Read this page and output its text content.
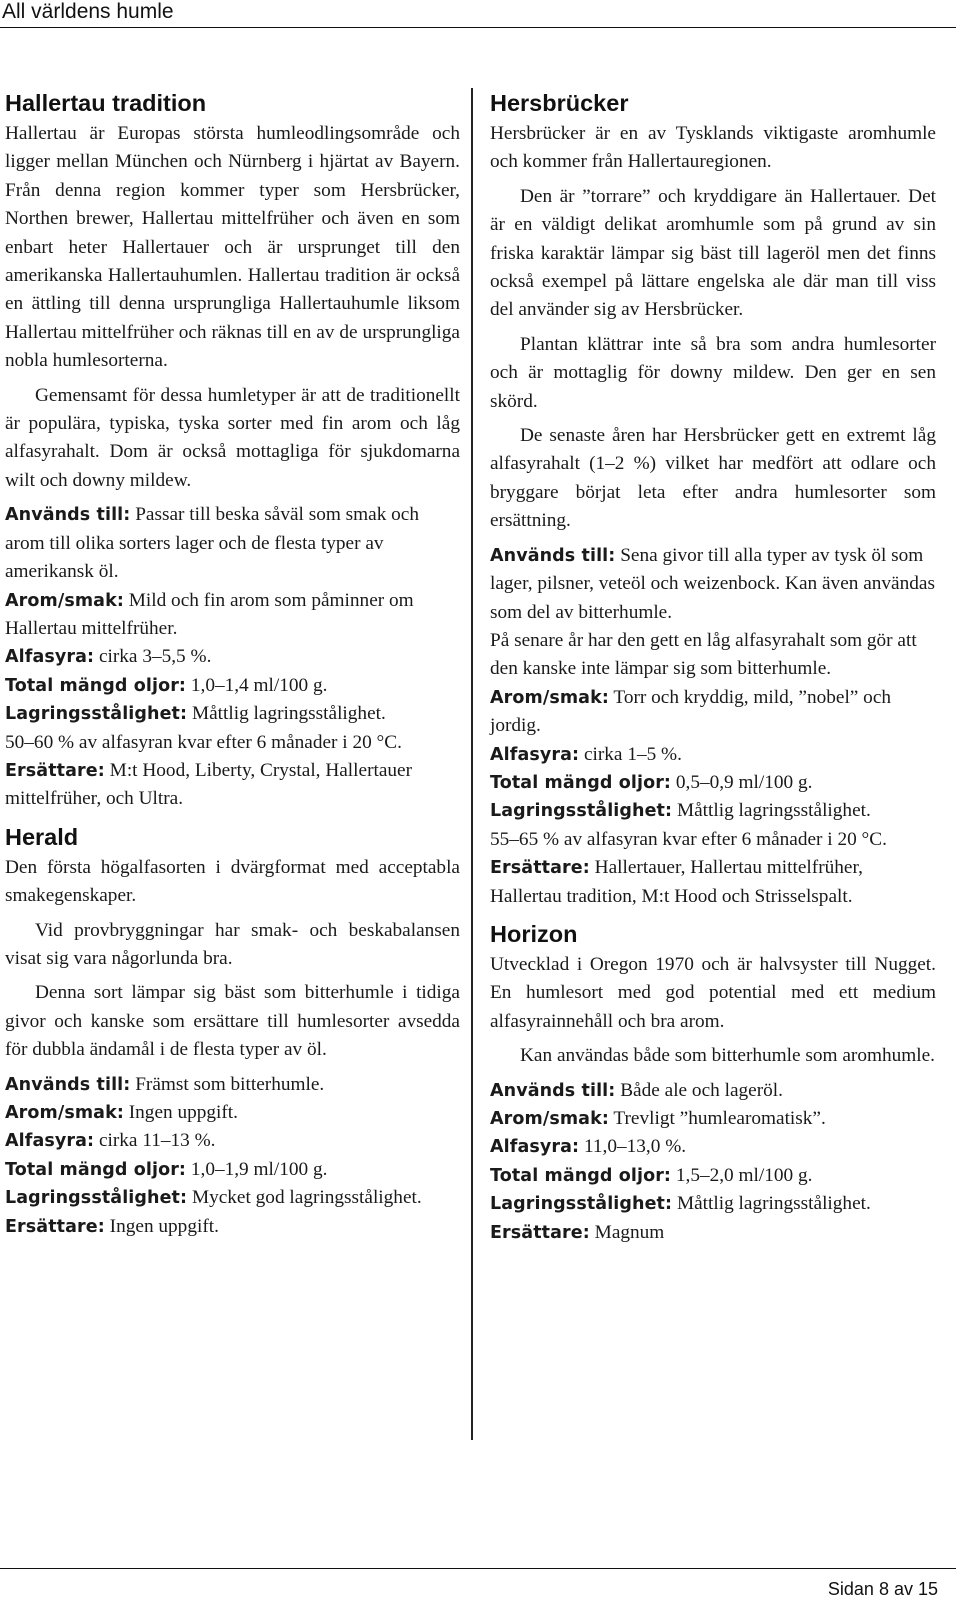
All världens humle
Hallertau tradition

Hallertau är Europas största humleodlingsområde och ligger mellan München och Nürnberg i hjärtat av Bayern. Från denna region kommer typer som Hersbrücker, Northen brewer, Hallertau mittelfrüher och även en som enbart heter Hallertauer och är ursprunget till den amerikanska Hallertauhumlen. Hallertau tradition är också en ättling till denna ursprungliga Hallertauhumle liksom Hallertau mittelfrüher och räknas till en av de ursprungliga nobla humlesorterna.

Gemensamt för dessa humletyper är att de traditionellt är populära, typiska, tyska sorter med fin arom och låg alfasyrahalt. Dom är också mottagliga för sjukdomarna wilt och downy mildew.

Används till: Passar till beska såväl som smak och arom till olika sorters lager och de flesta typer av amerikansk öl.

Arom/smak: Mild och fin arom som påminner om Hallertau mittelfrüher.

Alfasyra: cirka 3–5,5 %.

Total mängd oljor: 1,0–1,4 ml/100 g.

Lagringsstålighet: Måttlig lagringsstålighet.

50–60 % av alfasyran kvar efter 6 månader i 20 °C.

Ersättare: M:t Hood, Liberty, Crystal, Hallertauer mittelfrüher, och Ultra.

Herald

Den första högalfasorten i dvärgformat med acceptabla smakegenskaper.

Vid provbryggningar har smak- och beskabalansen visat sig vara någorlunda bra.

Denna sort lämpar sig bäst som bitterhumle i tidiga givor och kanske som ersättare till humlesorter avsedda för dubbla ändamål i de flesta typer av öl.

Används till: Främst som bitterhumle.

Arom/smak: Ingen uppgift.

Alfasyra: cirka 11–13 %.

Total mängd oljor: 1,0–1,9 ml/100 g.

Lagringsstålighet: Mycket god lagringsstålighet.

Ersättare: Ingen uppgift.

Hersbrücker

Hersbrücker är en av Tysklands viktigaste aromhumle och kommer från Hallertauregionen.

Den är ”torrare” och kryddigare än Hallertauer. Det är en väldigt delikat aromhumle som på grund av sin friska karaktär lämpar sig bäst till lageröl men det finns också exempel på lättare engelska ale där man till viss del använder sig av Hersbrücker.

Plantan klättrar inte så bra som andra humlesorter och är mottaglig för downy mildew. Den ger en sen skörd.

De senaste åren har Hersbrücker gett en extremt låg alfasyrahalt (1–2 %) vilket har medfört att odlare och bryggare börjat leta efter andra humlesorter som ersättning.

Används till: Sena givor till alla typer av tysk öl som lager, pilsner, veteöl och weizenbock. Kan även användas som del av bitterhumle.

På senare år har den gett en låg alfasyrahalt som gör att den kanske inte lämpar sig som bitterhumle.

Arom/smak: Torr och kryddig, mild, ”nobel” och jordig.

Alfasyra: cirka 1–5 %.

Total mängd oljor: 0,5–0,9 ml/100 g.

Lagringsstålighet: Måttlig lagringsstålighet.

55–65 % av alfasyran kvar efter 6 månader i 20 °C.

Ersättare: Hallertauer, Hallertau mittelfrüher, Hallertau tradition, M:t Hood och Strisselspalt.

Horizon

Utvecklad i Oregon 1970 och är halvsyster till Nugget. En humlesort med god potential med ett medium alfasyrainnehåll och bra arom.

Kan användas både som bitterhumle som aromhumle.

Används till: Både ale och lageröl.

Arom/smak: Trevligt ”humlearomatisk”.

Alfasyra: 11,0–13,0 %.

Total mängd oljor: 1,5–2,0 ml/100 g.

Lagringsstålighet: Måttlig lagringsstålighet.

Ersättare: Magnum

Sidan 8 av 15
